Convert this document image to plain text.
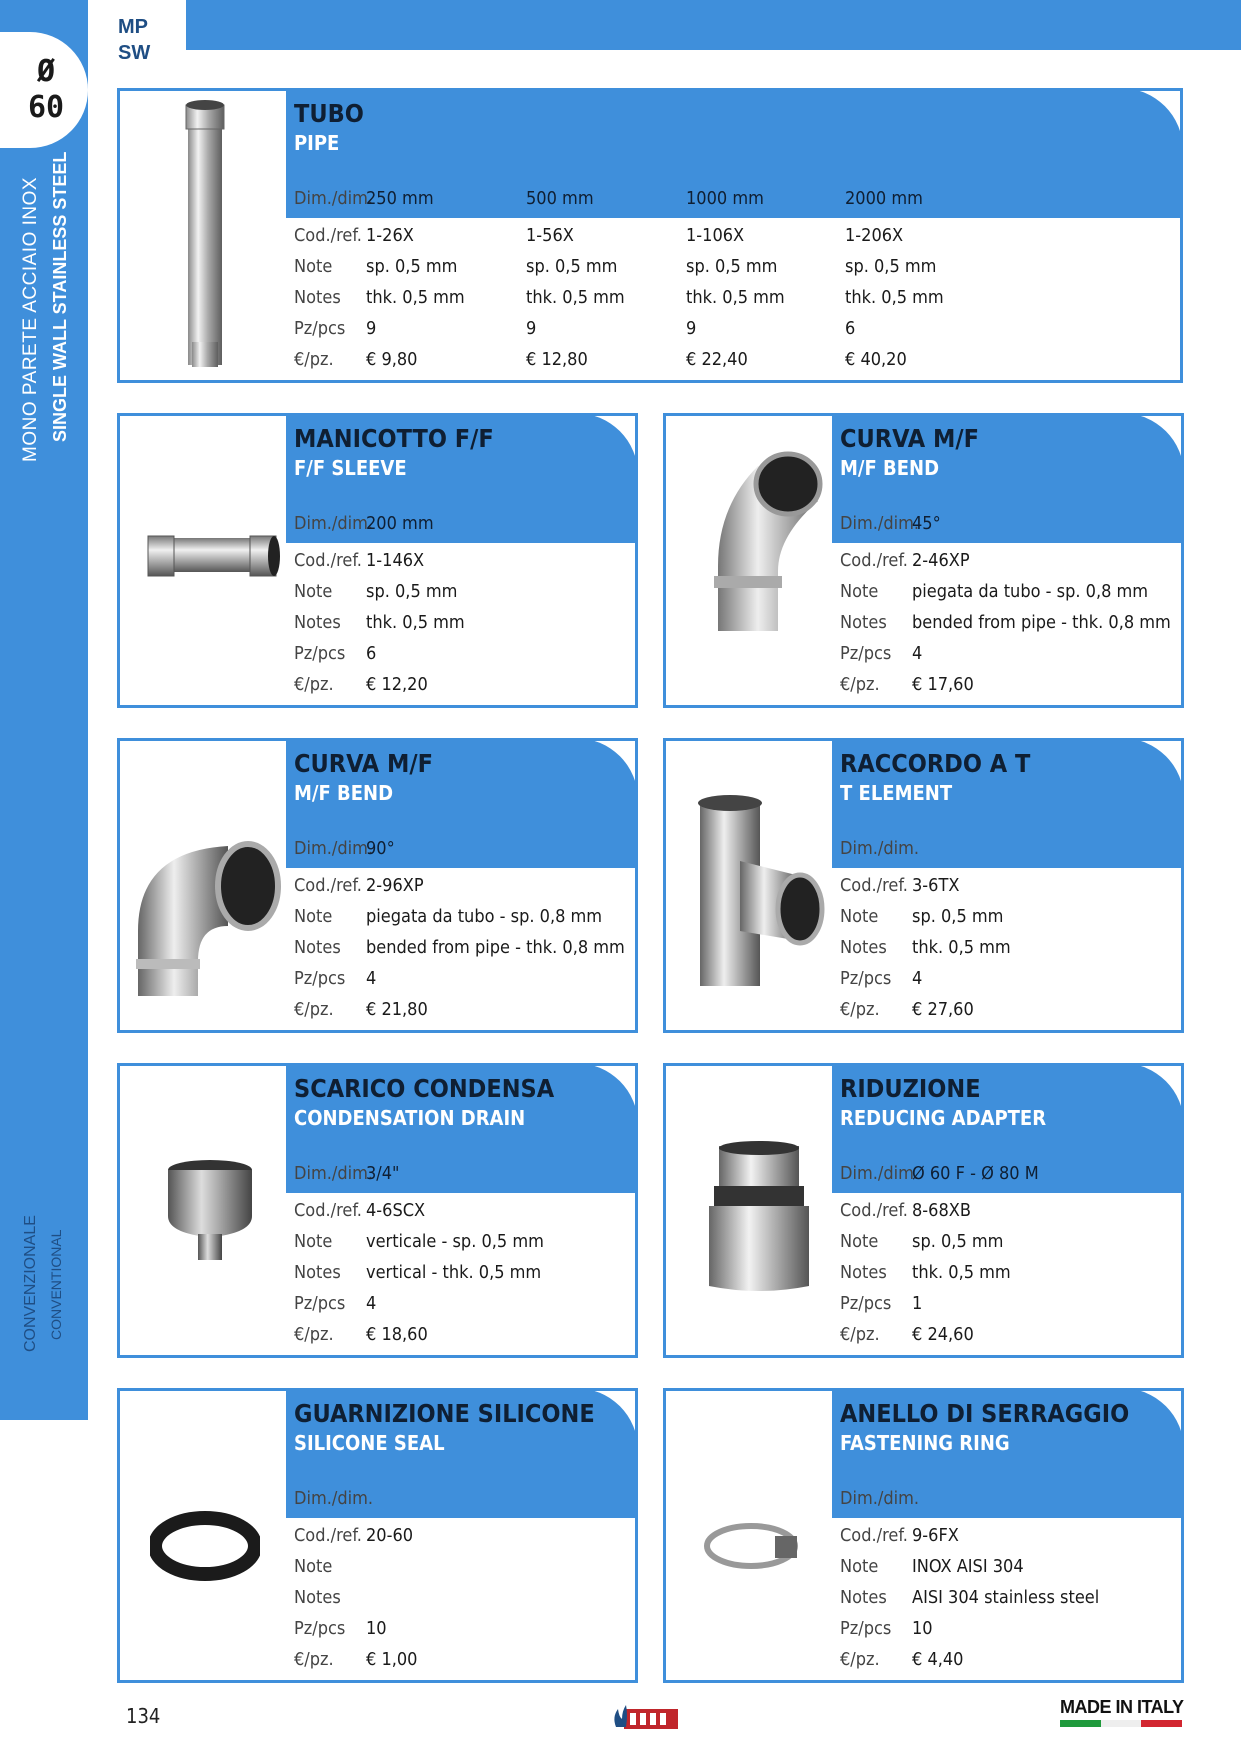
MP
SW
Ø
60
MONO PARETE ACCIAIO INOX SINGLE WALL STAINLESS STEEL
CONVENZIONALE CONVENTIONAL
TUBO
PIPE
Dim./dim.
250 mm	500 mm	1000 mm	2000 mm
Cod./ref. 1-26X	1-56X	1-106X	1-206X
Note sp. 0,5 mm	sp. 0,5 mm	sp. 0,5 mm	sp. 0,5 mm
Notes thk. 0,5 mm	thk. 0,5 mm	thk. 0,5 mm	thk. 0,5 mm
Pz/pcs 9	9	9	6
€/pz. € 9,80	€ 12,80	€ 22,40	€ 40,20
MANICOTTO F/F
F/F SLEEVE
Dim./dim.
200 mm
Cod./ref. 1-146X
Note sp. 0,5 mm
Notes thk. 0,5 mm
Pz/pcs 6
€/pz. € 12,20
CURVA M/F
M/F BEND
Dim./dim.
45°
Cod./ref. 2-46XP
Note piegata da tubo - sp. 0,8 mm
Notes bended from pipe - thk. 0,8 mm
Pz/pcs 4
€/pz. € 17,60
CURVA M/F
M/F BEND
Dim./dim.
90°
Cod./ref. 2-96XP
Note piegata da tubo - sp. 0,8 mm
Notes bended from pipe - thk. 0,8 mm
Pz/pcs 4
€/pz. € 21,80
RACCORDO A T
T ELEMENT
Dim./dim.
Cod./ref. 3-6TX
Note sp. 0,5 mm
Notes thk. 0,5 mm
Pz/pcs 4
€/pz. € 27,60
SCARICO CONDENSA
CONDENSATION DRAIN
Dim./dim.
3/4"
Cod./ref. 4-6SCX
Note verticale - sp. 0,5 mm
Notes vertical - thk. 0,5 mm
Pz/pcs 4
€/pz. € 18,60
RIDUZIONE
REDUCING ADAPTER
Dim./dim.
Ø 60 F - Ø 80 M
Cod./ref. 8-68XB
Note sp. 0,5 mm
Notes thk. 0,5 mm
Pz/pcs 1
€/pz. € 24,60
GUARNIZIONE SILICONE
SILICONE SEAL
Dim./dim.
Cod./ref. 20-60
Note
Notes
Pz/pcs 10
€/pz. € 1,00
ANELLO DI SERRAGGIO
FASTENING RING
Dim./dim.
Cod./ref. 9-6FX
Note INOX AISI 304
Notes AISI 304 stainless steel
Pz/pcs 10
€/pz. € 4,40
134	MADE IN ITALY
